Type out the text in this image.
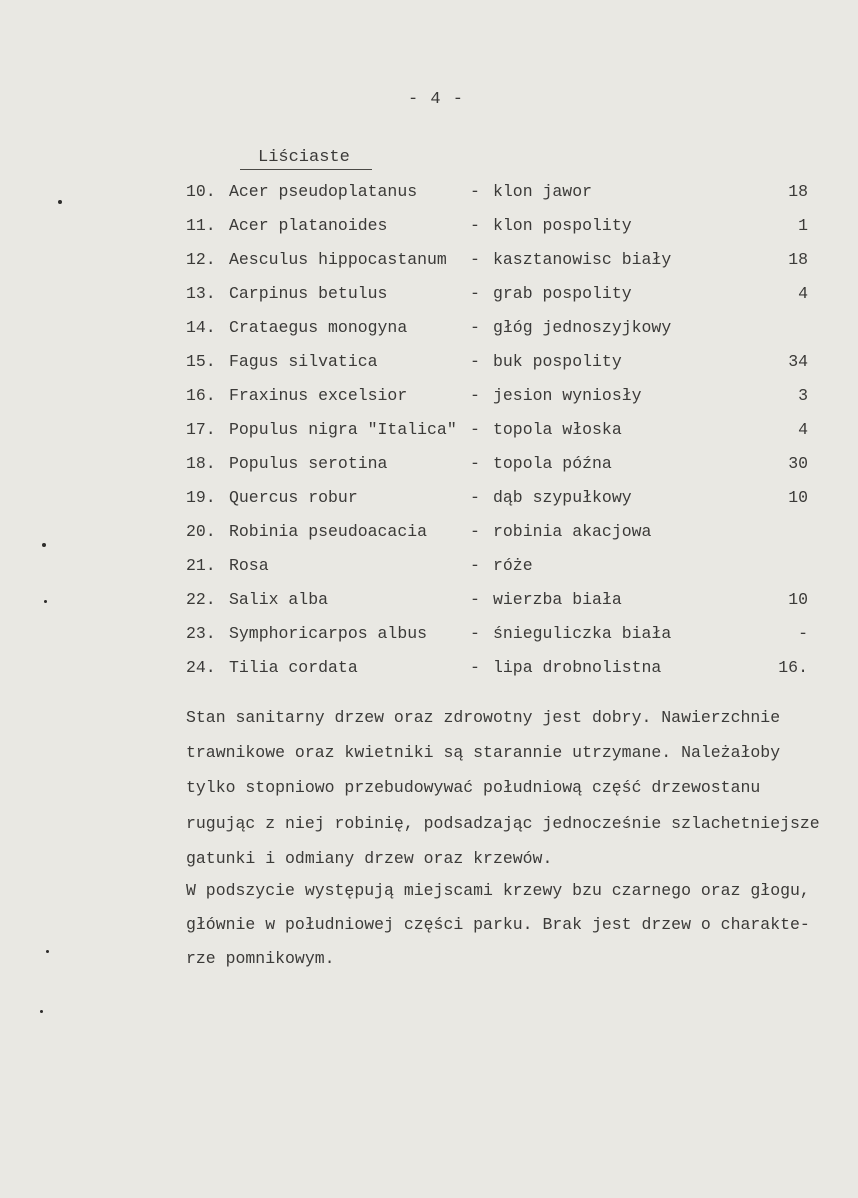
- 4 -
Liściaste
10. Acer pseudoplatanus	- klon jawor	18
11. Acer platanoides	- klon pospolity	1
12. Aesculus hippocastanum - kasztanowisc biały	18
13. Carpinus betulus	- grab pospolity	4
14. Crataegus monogyna	- głóg jednoszyjkowy
15. Fagus silvatica	- buk pospolity	34
16. Fraxinus excelsior	- jesion wyniosły	3
17. Populus nigra "Italica" - topola włoska	4
18. Populus serotina	- topola późna	30
19. Quercus robur	- dąb szypułkowy	10
20. Robinia pseudoacacia	- robinia akacjowa
21. Rosa	- róże
22. Salix alba	- wierzba biała	10
23. Symphoricarpos albus	- śnieguliczka biała	-
24. Tilia cordata	- lipa drobnolistna	16.
Stan sanitarny drzew oraz zdrowotny jest dobry. Nawierzchnie
trawnikowe oraz kwietniki są starannie utrzymane. Należałoby
tylko stopniowo przebudowywać południową część drzewostanu
rugując z niej robinię, podsadzając jednocześnie szlachetniejsze
gatunki i odmiany drzew oraz krzewów.
W podszycie występują miejscami krzewy bzu czarnego oraz głogu,
głównie w południowej części parku. Brak jest drzew o charakte-
rze pomnikowym.
